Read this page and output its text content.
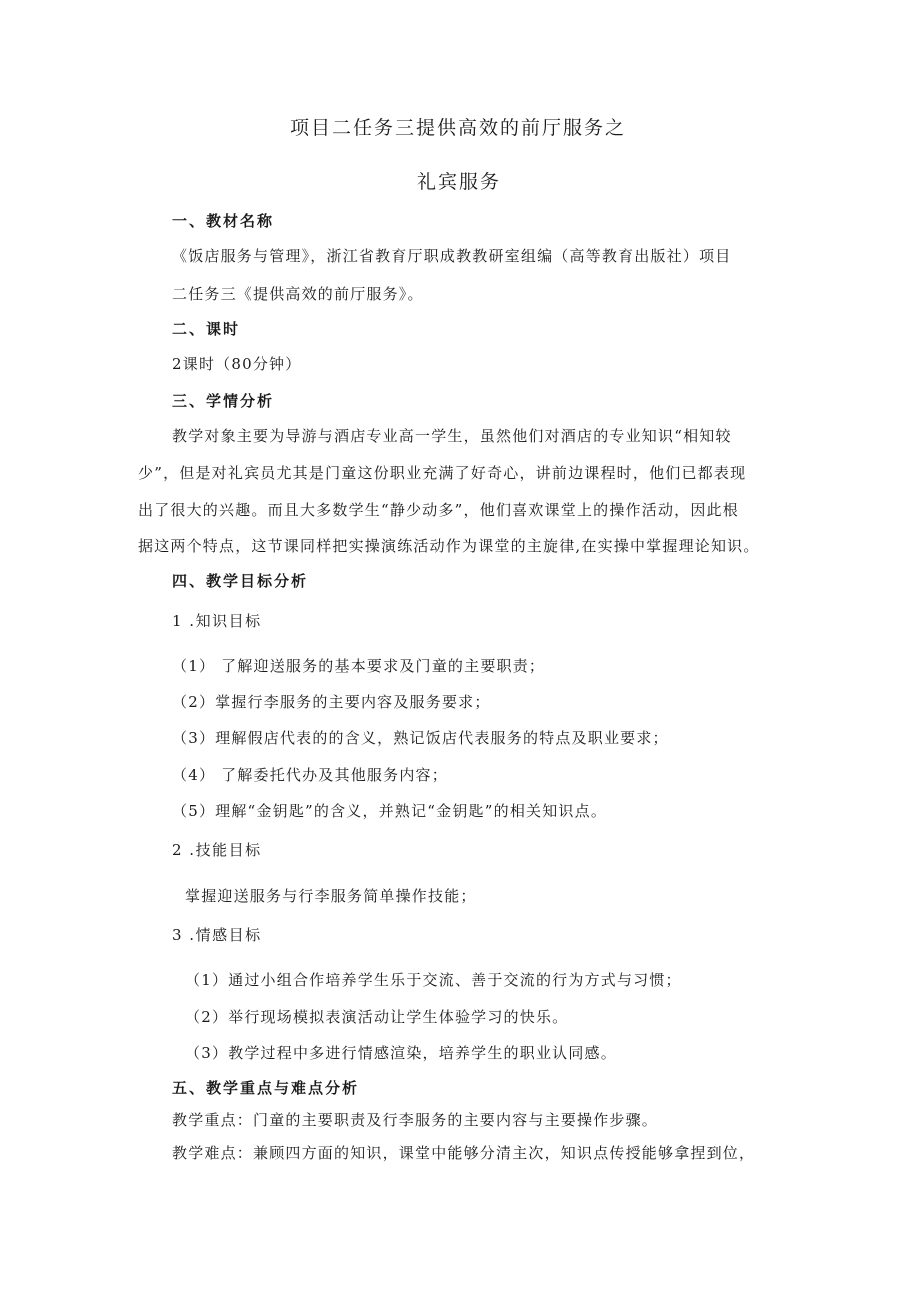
项目二任务三提供高效的前厅服务之
礼宾服务
一、教材名称
《饭店服务与管理》，浙江省教育厅职成教教研室组编（高等教育出版社）项目
二任务三《提供高效的前厅服务》。
二、课时
2课时（80分钟）
三、学情分析
教学对象主要为导游与酒店专业高一学生，虽然他们对酒店的专业知识“相知较
少”，但是对礼宾员尤其是门童这份职业充满了好奇心，讲前边课程时，他们已都表现
出了很大的兴趣。而且大多数学生“静少动多”，他们喜欢课堂上的操作活动，因此根
据这两个特点，这节课同样把实操演练活动作为课堂的主旋律,在实操中掌握理论知识。
四、教学目标分析
1 .知识目标
（1） 了解迎送服务的基本要求及门童的主要职责；
（2）掌握行李服务的主要内容及服务要求；
（3）理解假店代表的的含义，熟记饭店代表服务的特点及职业要求；
（4） 了解委托代办及其他服务内容；
（5）理解“金钥匙”的含义，并熟记“金钥匙”的相关知识点。
2 .技能目标
掌握迎送服务与行李服务简单操作技能；
3 .情感目标
（1）通过小组合作培养学生乐于交流、善于交流的行为方式与习惯；
（2）举行现场模拟表演活动让学生体验学习的快乐。
（3）教学过程中多进行情感渲染，培养学生的职业认同感。
五、教学重点与难点分析
教学重点：门童的主要职责及行李服务的主要内容与主要操作步骤。
教学难点：兼顾四方面的知识，课堂中能够分清主次，知识点传授能够拿捏到位，
